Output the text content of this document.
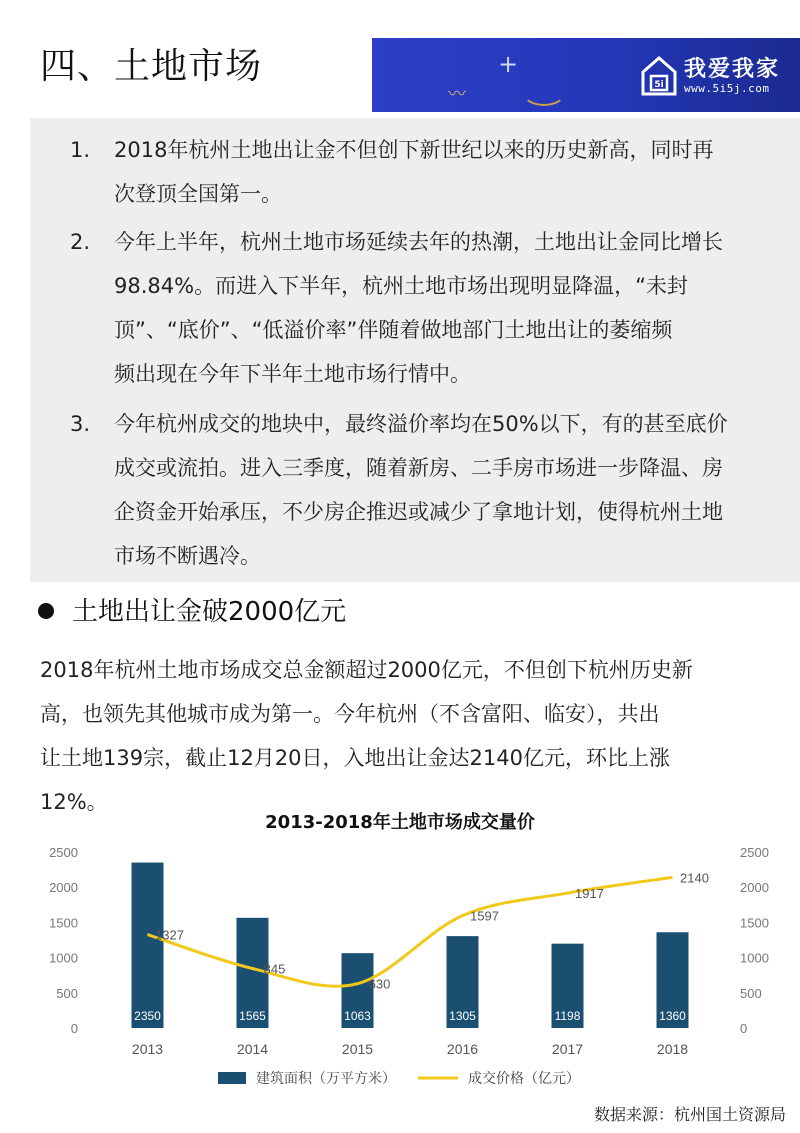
四、土地市场	+
〰	5i
我爱我家
www.5i5j.com
1.	2018年杭州土地出让金不但创下新世纪以来的历史新高，同时再
次登顶全国第一。
2.	今年上半年，杭州土地市场延续去年的热潮，土地出让金同比增长
98.84%。而进入下半年，杭州土地市场出现明显降温，“未封
顶”、“底价”、“低溢价率”伴随着做地部门土地出让的萎缩频
频出现在今年下半年土地市场行情中。
3.	今年杭州成交的地块中，最终溢价率均在50%以下，有的甚至底价
成交或流拍。进入三季度，随着新房、二手房市场进一步降温、房
企资金开始承压，不少房企推迟或减少了拿地计划，使得杭州土地
市场不断遇冷。
土地出让金破2000亿元
2018年杭州土地市场成交总金额超过2000亿元，不但创下杭州历史新
高，也领先其他城市成为第一。今年杭州（不含富阳、临安），共出
让土地139宗，截止12月20日，入地出让金达2140亿元，环比上涨
12%。
2013-2018年土地市场成交量价
0	0
500	500
1000	1000
1500	1500
2000	2000
2500	2500
2350	1565	1063	1305	1198	1360
1327
845
630
1597
1917
2140
2013	2014	2015	2016	2017	2018
建筑面积（万平方米）	成交价格（亿元）
数据来源：杭州国土资源局
